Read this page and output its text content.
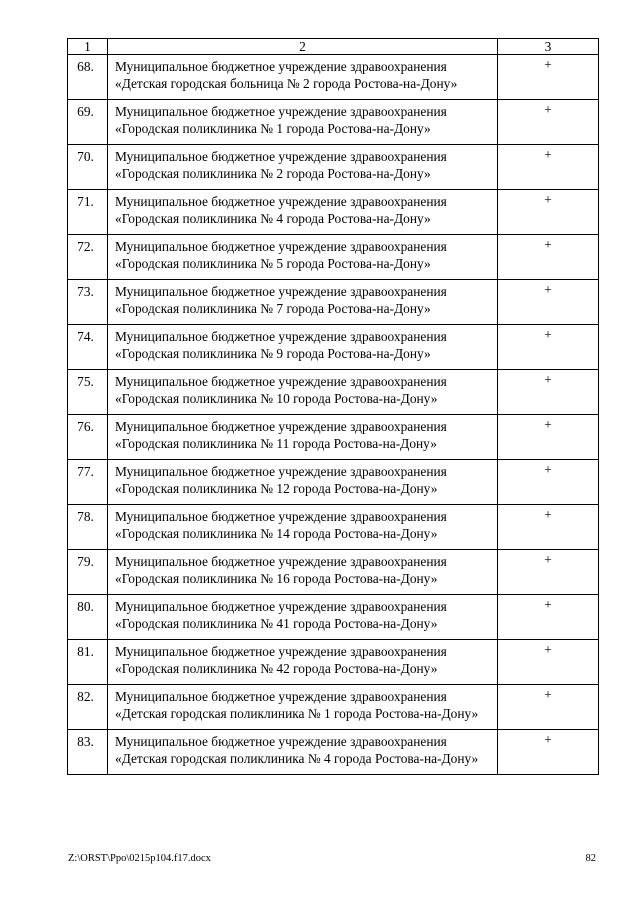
1	2	3
68.	Муниципальное бюджетное учреждение здравоохранения «Детская городская больница № 2 города Ростова-на-Дону»	+
69.	Муниципальное бюджетное учреждение здравоохранения «Городская поликлиника № 1 города Ростова-на-Дону»	+
70.	Муниципальное бюджетное учреждение здравоохранения «Городская поликлиника № 2 города Ростова-на-Дону»	+
71.	Муниципальное бюджетное учреждение здравоохранения «Городская поликлиника № 4 города Ростова-на-Дону»	+
72.	Муниципальное бюджетное учреждение здравоохранения «Городская поликлиника № 5 города Ростова-на-Дону»	+
73.	Муниципальное бюджетное учреждение здравоохранения «Городская поликлиника № 7 города Ростова-на-Дону»	+
74.	Муниципальное бюджетное учреждение здравоохранения «Городская поликлиника № 9 города Ростова-на-Дону»	+
75.	Муниципальное бюджетное учреждение здравоохранения «Городская поликлиника № 10 города Ростова-на-Дону»	+
76.	Муниципальное бюджетное учреждение здравоохранения «Городская поликлиника № 11 города Ростова-на-Дону»	+
77.	Муниципальное бюджетное учреждение здравоохранения «Городская поликлиника № 12 города Ростова-на-Дону»	+
78.	Муниципальное бюджетное учреждение здравоохранения «Городская поликлиника № 14 города Ростова-на-Дону»	+
79.	Муниципальное бюджетное учреждение здравоохранения «Городская поликлиника № 16 города Ростова-на-Дону»	+
80.	Муниципальное бюджетное учреждение здравоохранения «Городская поликлиника № 41 города Ростова-на-Дону»	+
81.	Муниципальное бюджетное учреждение здравоохранения «Городская поликлиника № 42 города Ростова-на-Дону»	+
82.	Муниципальное бюджетное учреждение здравоохранения «Детская городская поликлиника № 1 города Ростова-на-Дону»	+
83.	Муниципальное бюджетное учреждение здравоохранения «Детская городская поликлиника № 4 города Ростова-на-Дону»	+
Z:\ORST\Ppo\0215p104.f17.docx	82
